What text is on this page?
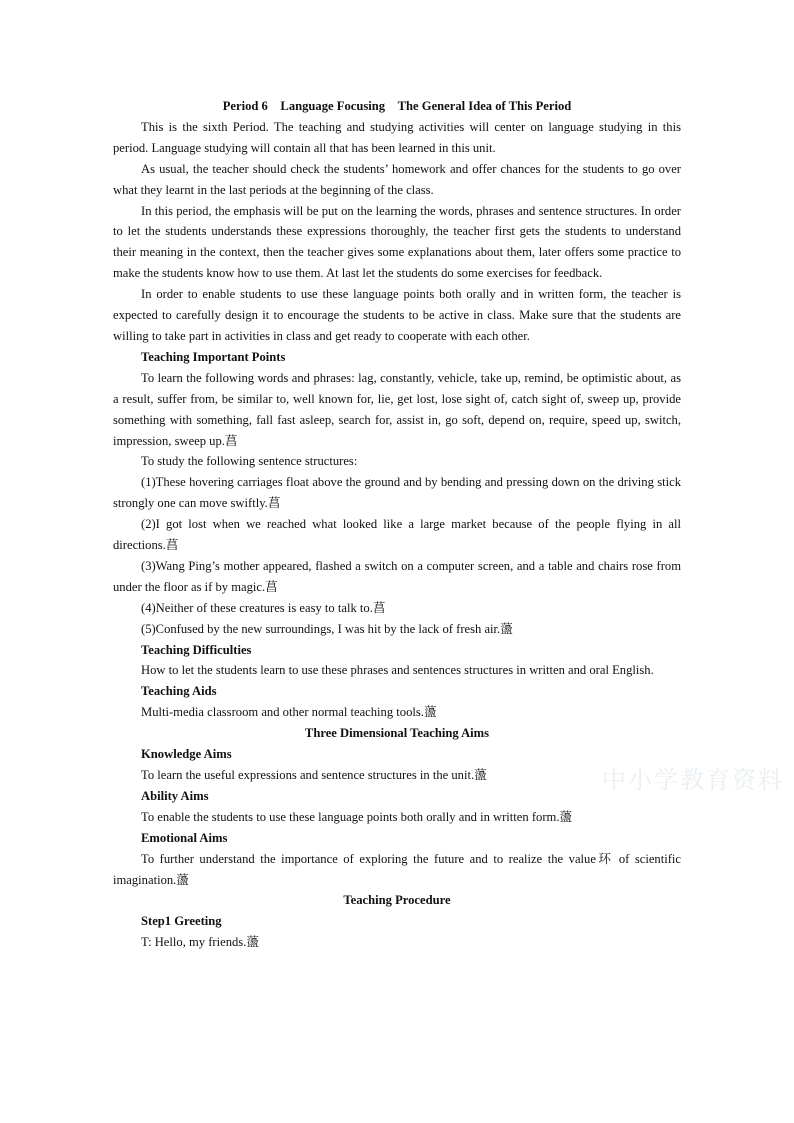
Period 6    Language Focusing    The General Idea of This Period

This is the sixth Period. The teaching and studying activities will center on language studying in this period. Language studying will contain all that has been learned in this unit.

As usual, the teacher should check the students’ homework and offer chances for the students to go over what they learnt in the last periods at the beginning of the class.

In this period, the emphasis will be put on the learning the words, phrases and sentence structures. In order to let the students understands these expressions thoroughly, the teacher first gets the students to understand their meaning in the context, then the teacher gives some explanations about them, later offers some practice to make the students know how to use them. At last let the students do some exercises for feedback.

In order to enable students to use these language points both orally and in written form, the teacher is expected to carefully design it to encourage the students to be active in class. Make sure that the students are willing to take part in activities in class and get ready to cooperate with each other.

Teaching Important Points

To learn the following words and phrases: lag, constantly, vehicle, take up, remind, be optimistic about, as a result, suffer from, be similar to, well known for, lie, get lost, lose sight of, catch sight of, sweep up, provide something with something, fall fast asleep, search for, assist in, go soft, depend on, require, speed up, switch, impression, sweep up.菖

To study the following sentence structures:

(1)These hovering carriages float above the ground and by bending and pressing down on the driving stick strongly one can move swiftly.菖

(2)I got lost when we reached what looked like a large market because of the people flying in all directions.菖

(3)Wang Ping’s mother appeared, flashed a switch on a computer screen, and a table and chairs rose from under the floor as if by magic.菖

(4)Neither of these creatures is easy to talk to.菖

(5)Confused by the new surroundings, I was hit by the lack of fresh air.蘯

Teaching Difficulties

How to let the students learn to use these phrases and sentences structures in written and oral English.

Teaching Aids

Multi-media classroom and other normal teaching tools.蘯

Three Dimensional Teaching Aims

Knowledge Aims

To learn the useful expressions and sentence structures in the unit.蘯

Ability Aims

To enable the students to use these language points both orally and in written form.蘯

Emotional Aims

To further understand the importance of exploring the future and to realize the value环 of scientific imagination.蘯

Teaching Procedure

Step1 Greeting

T: Hello, my friends.蘯

中小学教育资料
